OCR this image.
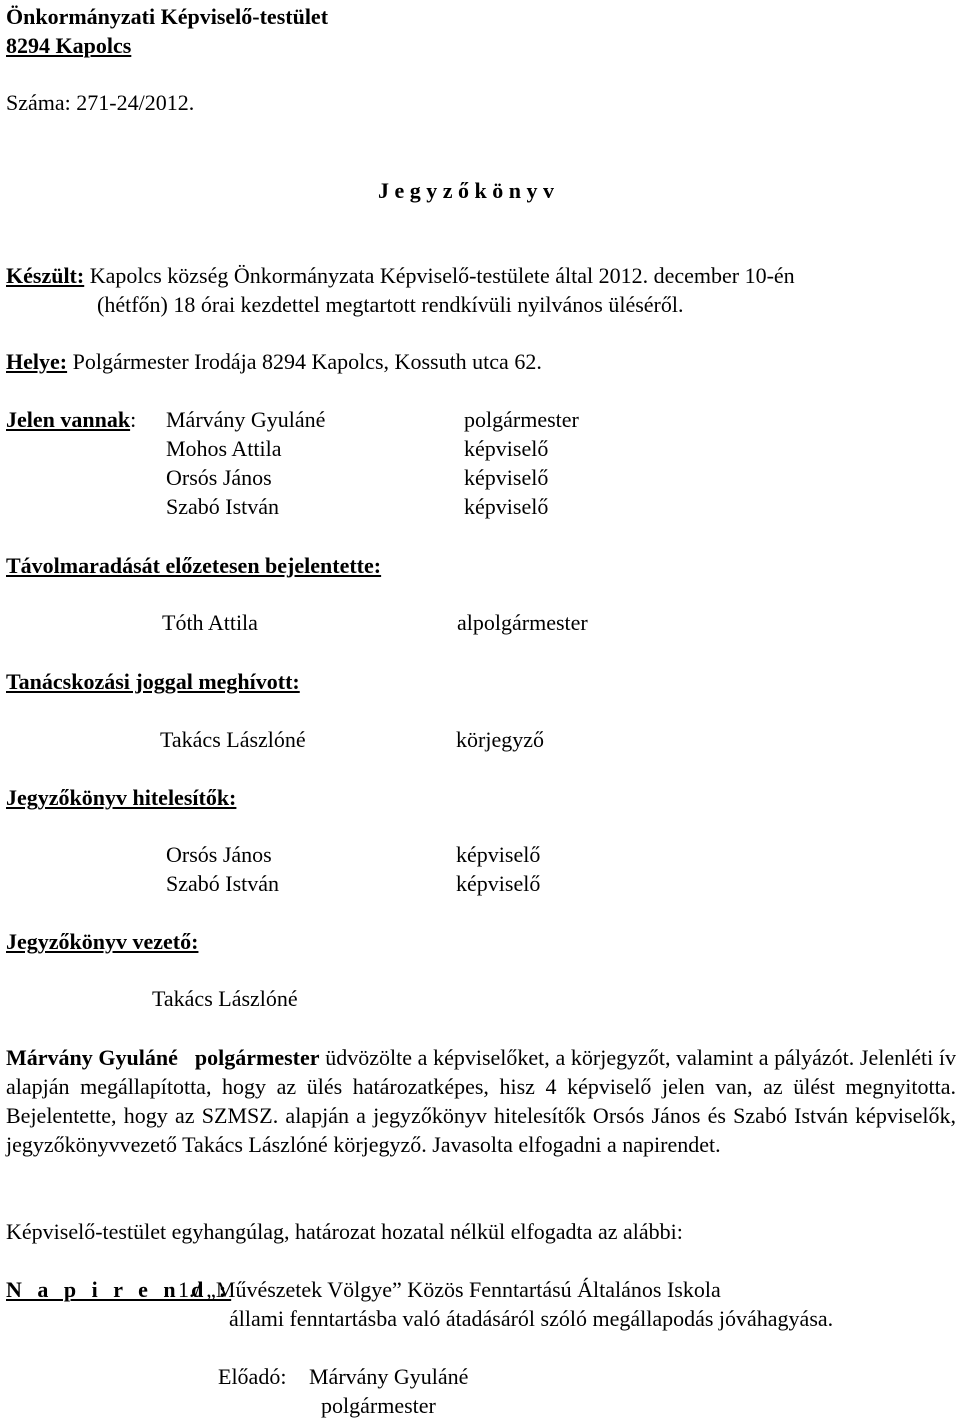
Önkormányzati Képviselő-testület
8294 Kapolcs
Száma: 271-24/2012.
J e g y z ő k ö n y v
Készült: Kapolcs község Önkormányzata Képviselő-testülete által 2012. december 10-én
(hétfőn) 18 órai kezdettel megtartott rendkívüli nyilvános üléséről.
Helye: Polgármester Irodája 8294 Kapolcs, Kossuth utca 62.
Jelen vannak: Márvány Gyuláné	polgármester
Mohos Attila	képviselő
Orsós János	képviselő
Szabó István	képviselő
Távolmaradását előzetesen bejelentette:
Tóth Attila	alpolgármester
Tanácskozási joggal meghívott:
Takács Lászlóné	körjegyző
Jegyzőkönyv hitelesítők:
Orsós János	képviselő
Szabó István	képviselő
Jegyzőkönyv vezető:
Takács Lászlóné
Márvány Gyuláné polgármester üdvözölte a képviselőket, a körjegyzőt, valamint a pályázót. Jelenléti ív alapján megállapította, hogy az ülés határozatképes, hisz 4 képviselő jelen van, az ülést megnyitotta. Bejelentette, hogy az SZMSZ. alapján a jegyzőkönyv hitelesítők Orsós János és Szabó István képviselők, jegyzőkönyvvezető Takács Lászlóné körjegyző. Javasolta elfogadni a napirendet.
Képviselő-testület egyhangúlag, határozat hozatal nélkül elfogadta az alábbi:
N a p i r e n d :
1./ „Művészetek Völgye” Közös Fenntartású Általános Iskola
állami fenntartásba való átadásáról szóló megállapodás jóváhagyása.
Előadó: Márvány Gyuláné
polgármester
